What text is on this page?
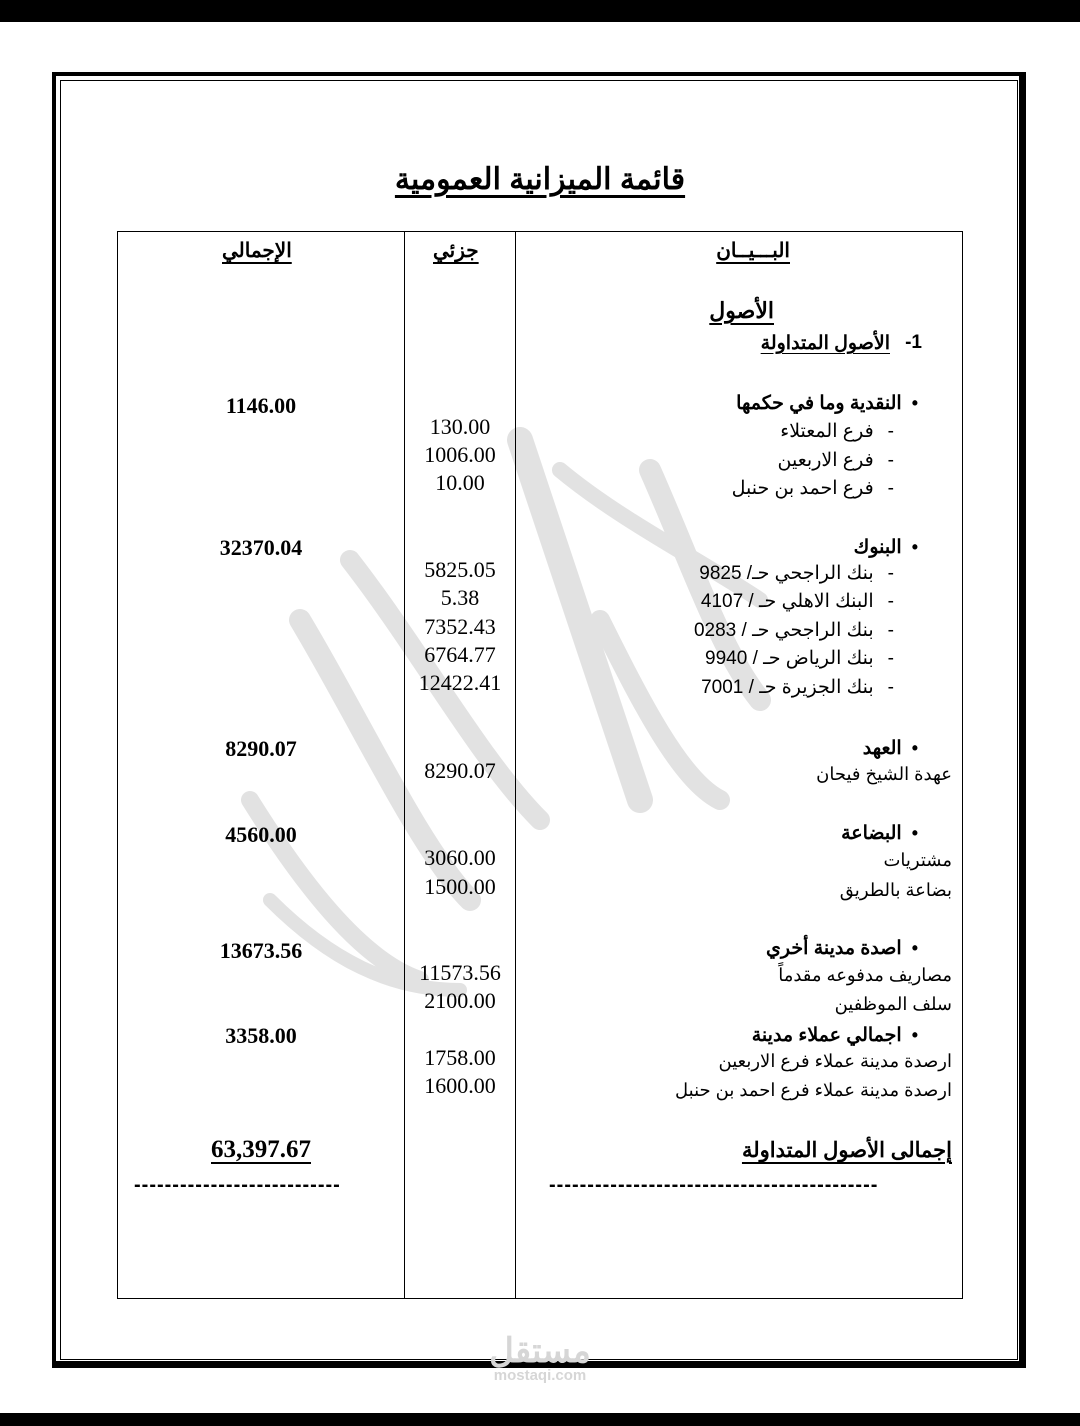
قائمة الميزانية العمومية
البـــيــان
جزئي
الإجمالي
الأصول
1-
الأصول المتداولة
• النقدية وما في حكمها
1146.00
- فرع المعتلاء
130.00
- فرع الاربعين
1006.00
- فرع احمد بن حنبل
10.00
• البنوك
32370.04
- بنك الراجحي حـ/ 9825
5825.05
- البنك الاهلي حـ / 4107
5.38
- بنك الراجحي حـ / 0283
7352.43
- بنك الرياض حـ / 9940
6764.77
- بنك الجزيرة حـ / 7001
12422.41
• العهد
8290.07
عهدة الشيخ فيحان
8290.07
• البضاعة
4560.00
مشتريات
3060.00
بضاعة بالطريق
1500.00
• اصدة مدينة أخري
13673.56
مصاريف مدفوعه مقدماً
11573.56
سلف الموظفين
2100.00
• اجمالي عملاء مدينة
3358.00
ارصدة مدينة عملاء فرع الاربعين
1758.00
ارصدة مدينة عملاء فرع احمد بن حنبل
1600.00
إجمالى الأصول المتداولة
63,397.67
-------------------------------------------
---------------------------
مستقل
mostaqi.com
